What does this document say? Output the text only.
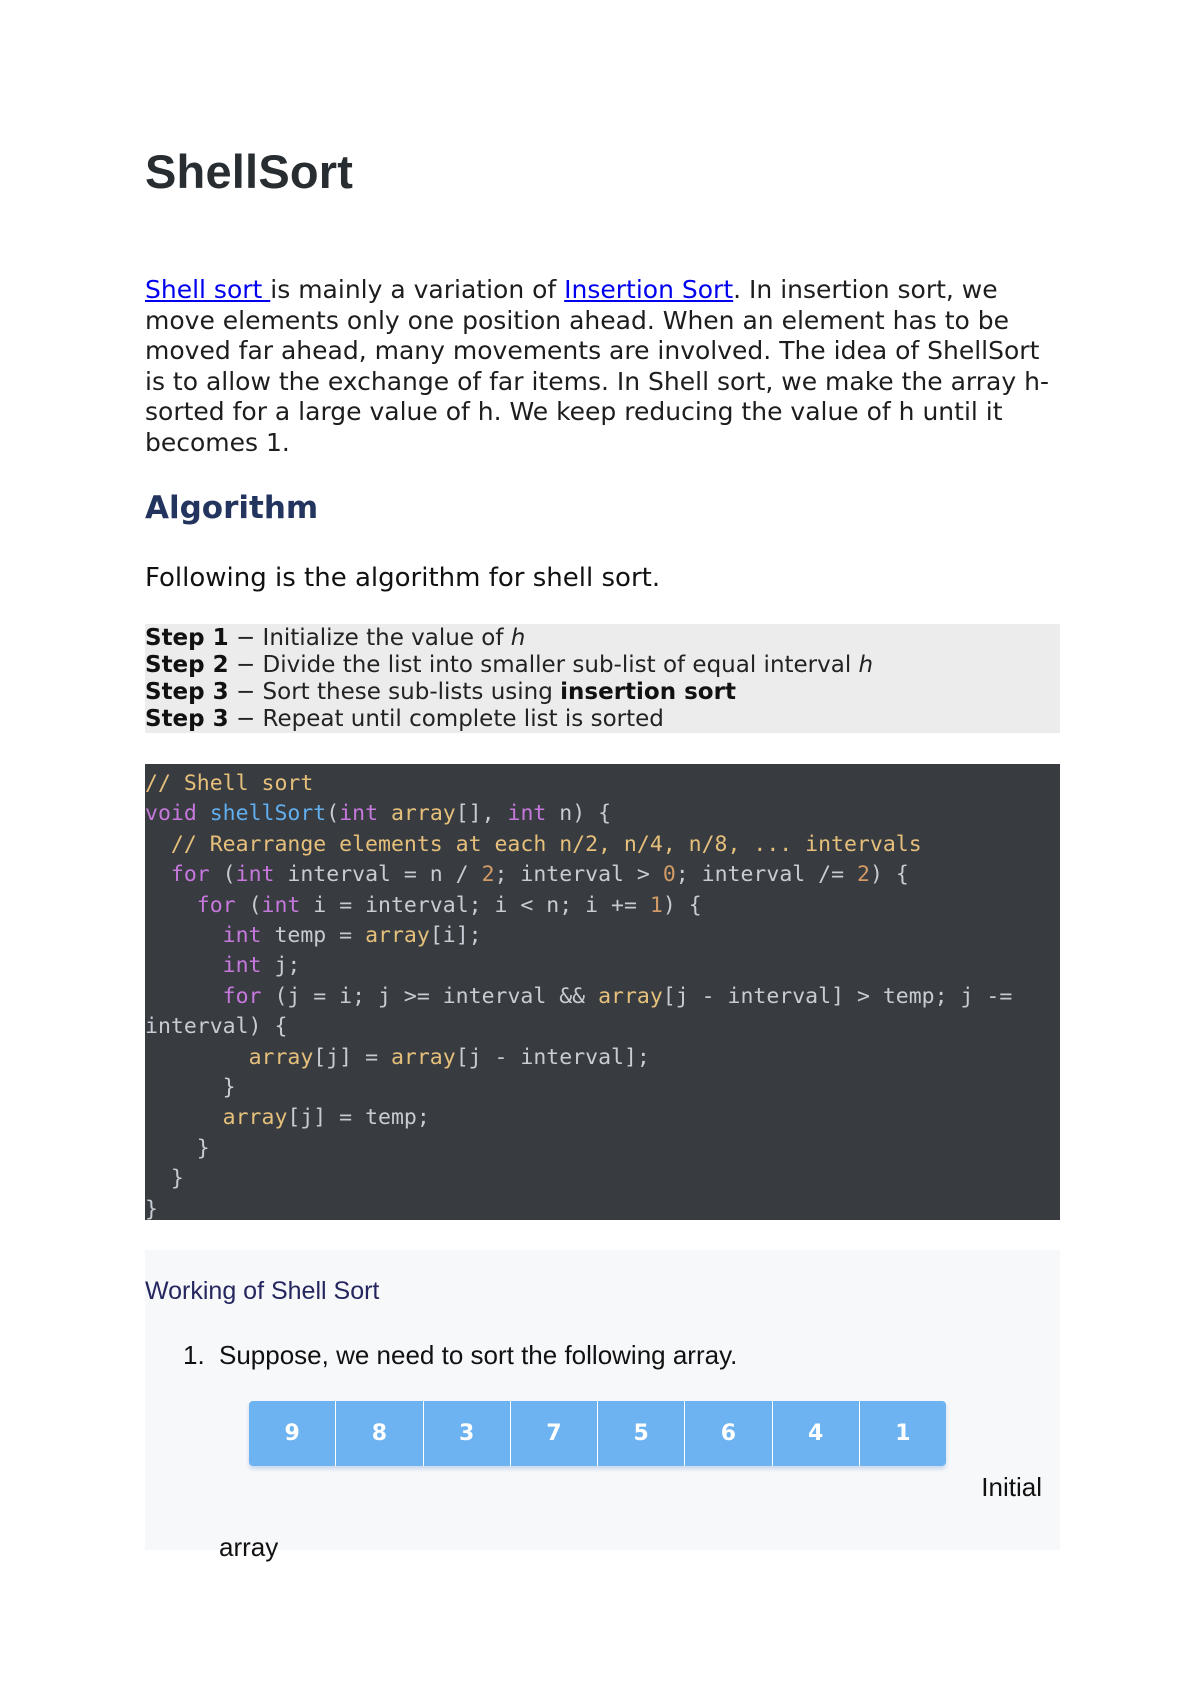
ShellSort

Shell sort is mainly a variation of Insertion Sort. In insertion sort, we move elements only one position ahead. When an element has to be moved far ahead, many movements are involved. The idea of ShellSort is to allow the exchange of far items. In Shell sort, we make the array h-sorted for a large value of h. We keep reducing the value of h until it becomes 1.

Algorithm

Following is the algorithm for shell sort.

Step 1 − Initialize the value of h
Step 2 − Divide the list into smaller sub-list of equal interval h
Step 3 − Sort these sub-lists using insertion sort
Step 3 − Repeat until complete list is sorted
// Shell sort
void shellSort(int array[], int n) {
// Rearrange elements at each n/2, n/4, n/8, ... intervals
for (int interval = n / 2; interval > 0; interval /= 2) {
for (int i = interval; i < n; i += 1) {
int temp = array[i];
int j;
for (j = i; j >= interval && array[j - interval] > temp; j -=
interval) {
array[j] = array[j - interval];
}
array[j] = temp;
}
}
}

Working of Shell Sort

1. Suppose, we need to sort the following array.

9	8	3	7	5	6	4	1

Initial

array
